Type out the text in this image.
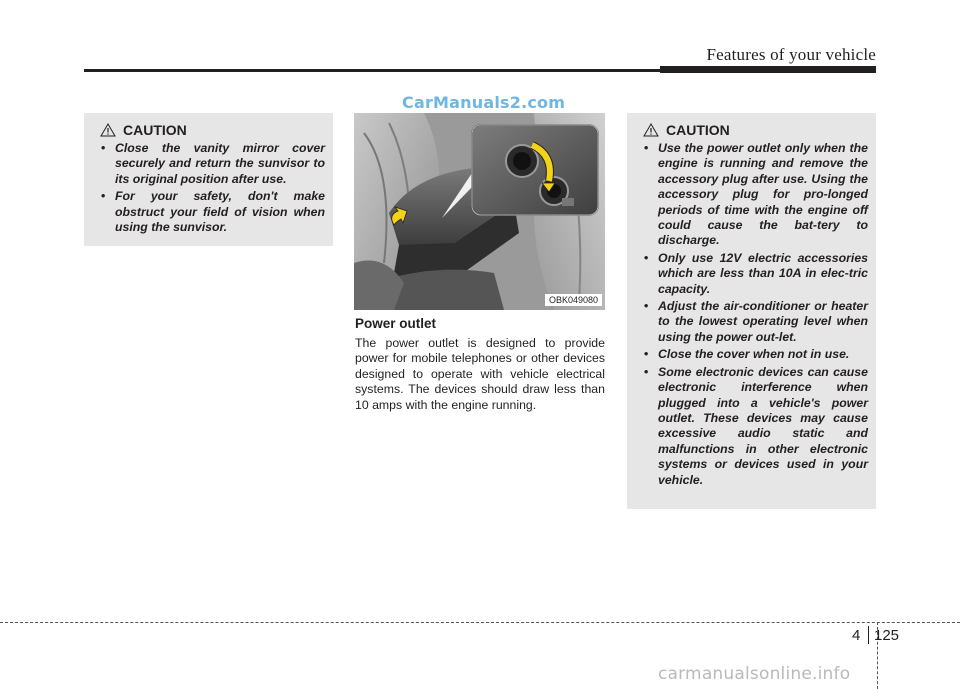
Features of your vehicle
CarManuals2.com
CAUTION
• Close the vanity mirror cover securely and return the sunvisor to its original position after use.
• For your safety, don't make obstruct your field of vision when using the sunvisor.
OBK049080
Power outlet

The power outlet is designed to provide power for mobile telephones or other devices designed to operate with vehicle electrical systems. The devices should draw less than 10 amps with the engine running.

CAUTION
• Use the power outlet only when the engine is running and remove the accessory plug after use. Using the accessory plug for pro-longed periods of time with the engine off could cause the bat-tery to discharge.
• Only use 12V electric accessories which are less than 10A in elec-tric capacity.
• Adjust the air-conditioner or heater to the lowest operating level when using the power out-let.
• Close the cover when not in use.
• Some electronic devices can cause electronic interference when plugged into a vehicle's power outlet. These devices may cause excessive audio static and malfunctions in other electronic systems or devices used in your vehicle.
4 125
carmanualsonline.info
